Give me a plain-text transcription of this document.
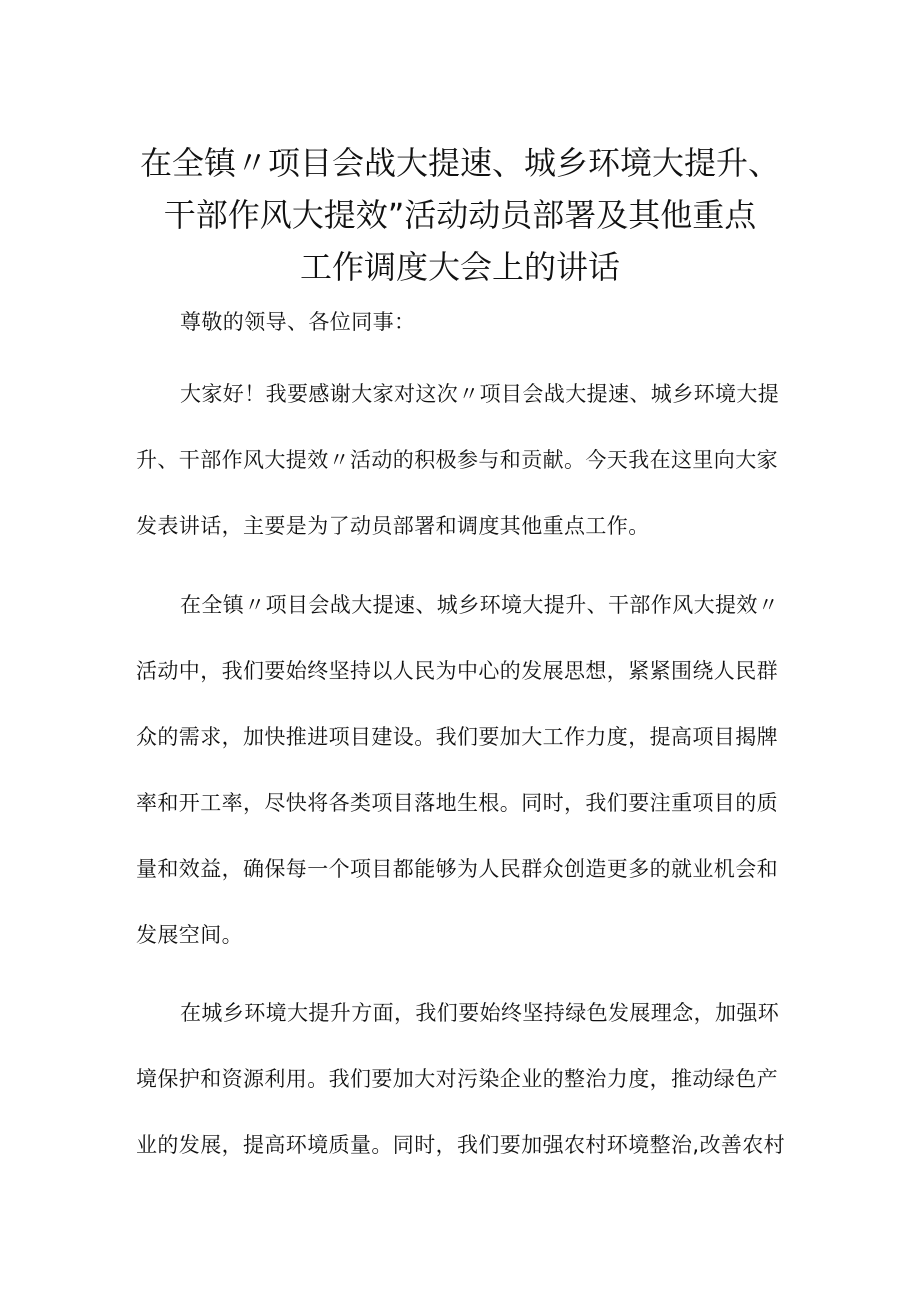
在全镇〃项目会战大提速、城乡环境大提升、
干部作风大提效”活动动员部署及其他重点
工作调度大会上的讲话

尊敬的领导、各位同事：

大家好！我要感谢大家对这次〃项目会战大提速、城乡环境大提
升、干部作风大提效〃活动的积极参与和贡献。今天我在这里向大家
发表讲话，主要是为了动员部署和调度其他重点工作。

在全镇〃项目会战大提速、城乡环境大提升、干部作风大提效〃
活动中，我们要始终坚持以人民为中心的发展思想，紧紧围绕人民群
众的需求，加快推进项目建设。我们要加大工作力度，提高项目揭牌
率和开工率，尽快将各类项目落地生根。同时，我们要注重项目的质
量和效益，确保每一个项目都能够为人民群众创造更多的就业机会和
发展空间。

在城乡环境大提升方面，我们要始终坚持绿色发展理念，加强环
境保护和资源利用。我们要加大对污染企业的整治力度，推动绿色产
业的发展，提高环境质量。同时，我们要加强农村环境整治,改善农村
